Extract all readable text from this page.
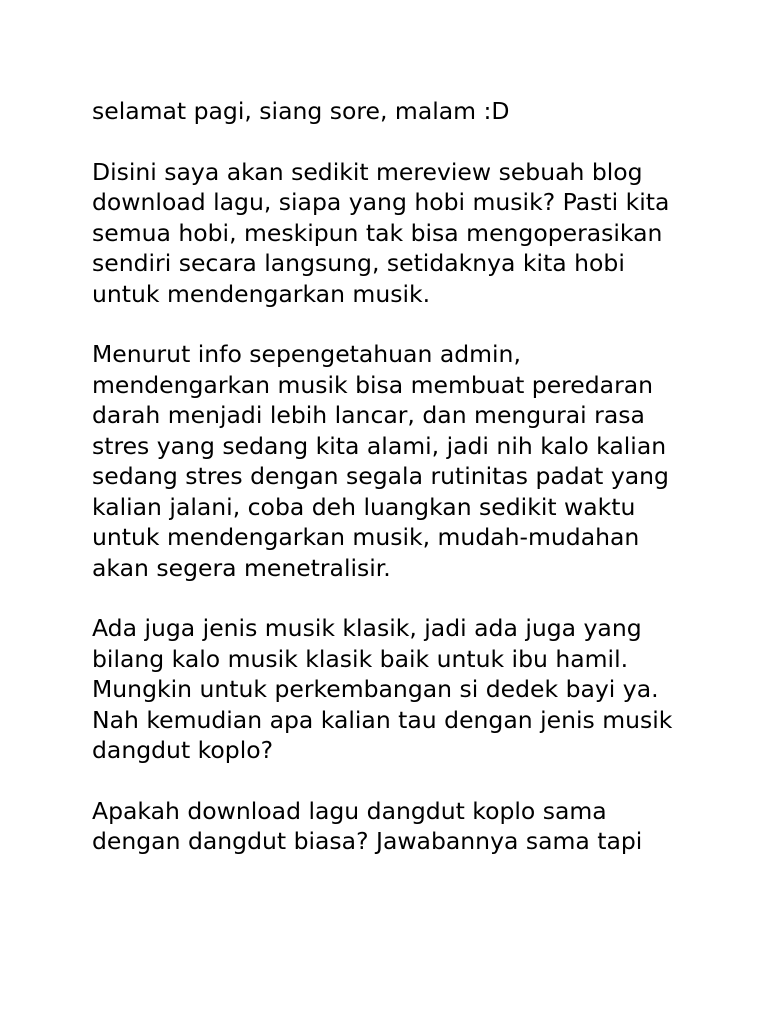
selamat pagi, siang sore, malam :D

Disini saya akan sedikit mereview sebuah blog
download lagu, siapa yang hobi musik? Pasti kita
semua hobi, meskipun tak bisa mengoperasikan
sendiri secara langsung, setidaknya kita hobi
untuk mendengarkan musik.

Menurut info sepengetahuan admin,
mendengarkan musik bisa membuat peredaran
darah menjadi lebih lancar, dan mengurai rasa
stres yang sedang kita alami, jadi nih kalo kalian
sedang stres dengan segala rutinitas padat yang
kalian jalani, coba deh luangkan sedikit waktu
untuk mendengarkan musik, mudah-mudahan
akan segera menetralisir.

Ada juga jenis musik klasik, jadi ada juga yang
bilang kalo musik klasik baik untuk ibu hamil.
Mungkin untuk perkembangan si dedek bayi ya.
Nah kemudian apa kalian tau dengan jenis musik
dangdut koplo?

Apakah download lagu dangdut koplo sama
dengan dangdut biasa? Jawabannya sama tapi
